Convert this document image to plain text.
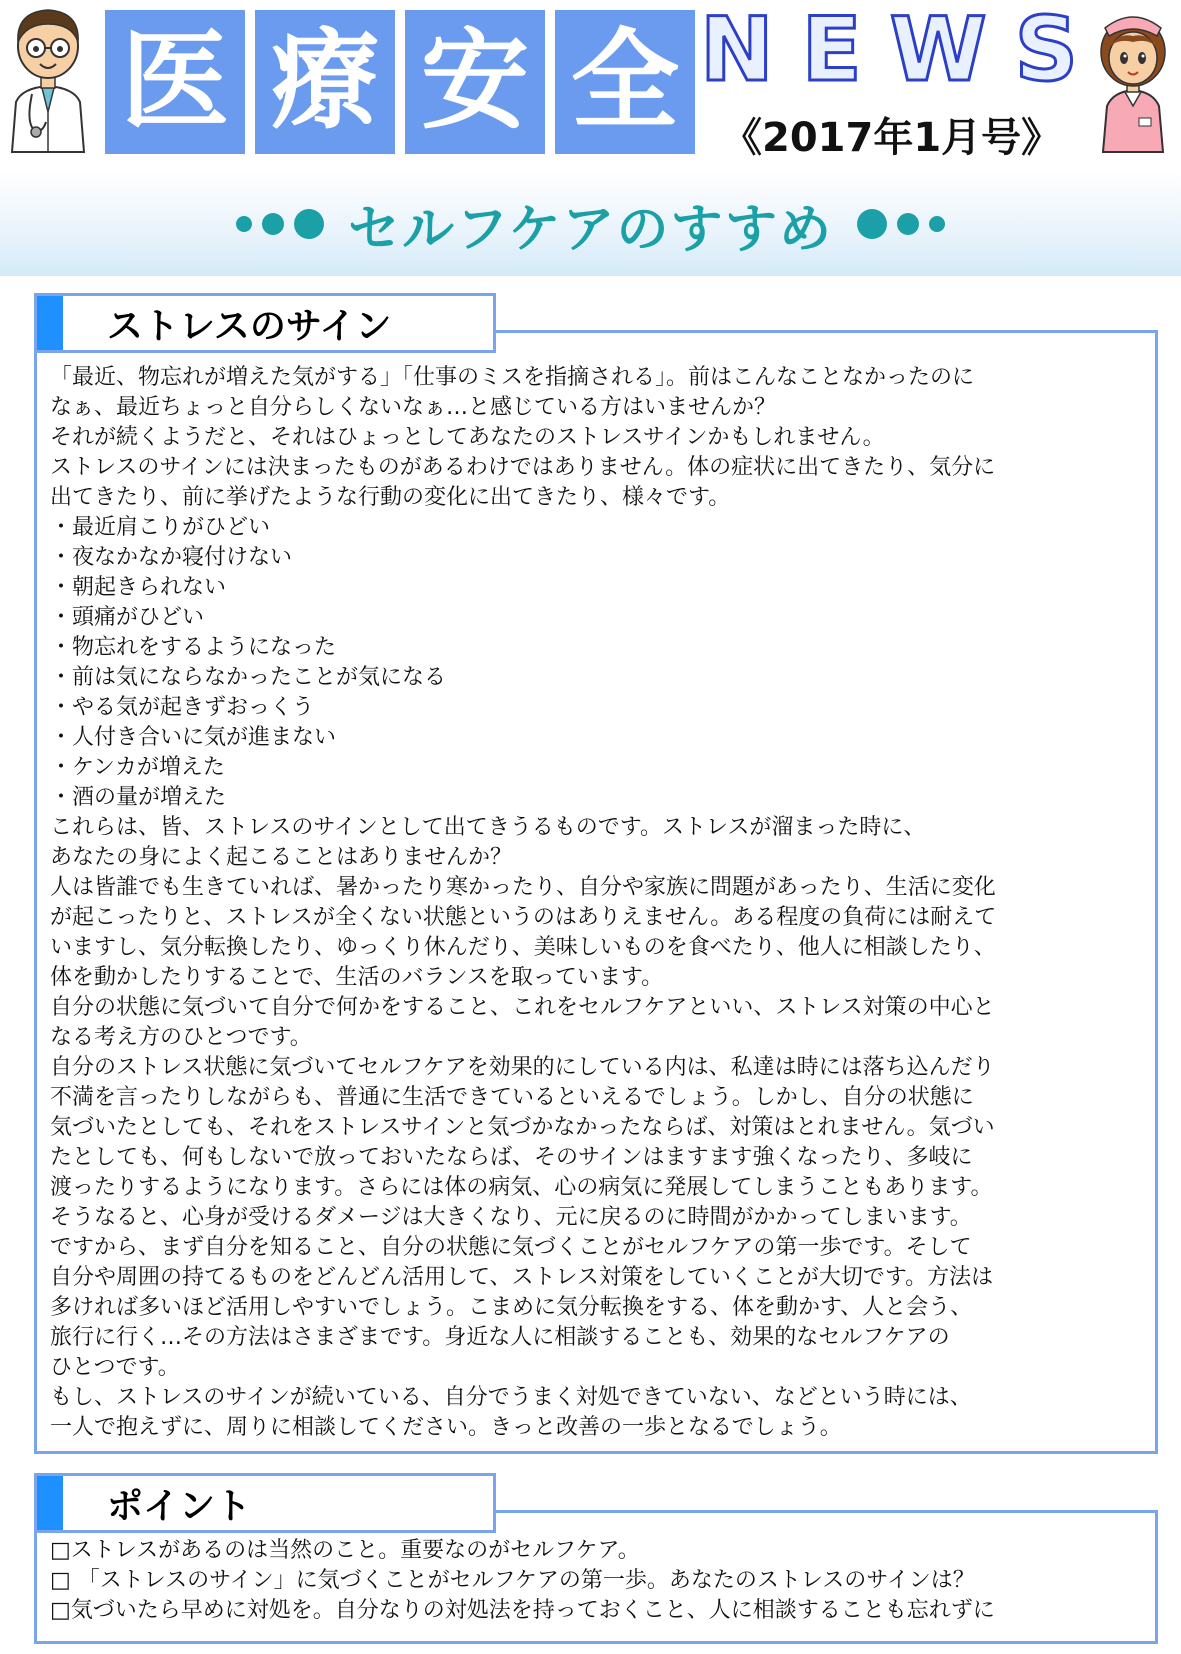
医 療 安 全 N E W S
《2017年1月号》
セルフケアのすすめ
ストレスのサイン

「最近、物忘れが増えた気がする」「仕事のミスを指摘される」。前はこんなことなかったのに

なぁ、最近ちょっと自分らしくないなぁ…と感じている方はいませんか？

それが続くようだと、それはひょっとしてあなたのストレスサインかもしれません。

ストレスのサインには決まったものがあるわけではありません。体の症状に出てきたり、気分に

出てきたり、前に挙げたような行動の変化に出てきたり、様々です。

・最近肩こりがひどい

・夜なかなか寝付けない

・朝起きられない

・頭痛がひどい

・物忘れをするようになった

・前は気にならなかったことが気になる

・やる気が起きずおっくう

・人付き合いに気が進まない

・ケンカが増えた

・酒の量が増えた

これらは、皆、ストレスのサインとして出てきうるものです。ストレスが溜まった時に、

あなたの身によく起こることはありませんか？

人は皆誰でも生きていれば、暑かったり寒かったり、自分や家族に問題があったり、生活に変化

が起こったりと、ストレスが全くない状態というのはありえません。ある程度の負荷には耐えて

いますし、気分転換したり、ゆっくり休んだり、美味しいものを食べたり、他人に相談したり、

体を動かしたりすることで、生活のバランスを取っています。

自分の状態に気づいて自分で何かをすること、これをセルフケアといい、ストレス対策の中心と

なる考え方のひとつです。

自分のストレス状態に気づいてセルフケアを効果的にしている内は、私達は時には落ち込んだり

不満を言ったりしながらも、普通に生活できているといえるでしょう。しかし、自分の状態に

気づいたとしても、それをストレスサインと気づかなかったならば、対策はとれません。気づい

たとしても、何もしないで放っておいたならば、そのサインはますます強くなったり、多岐に

渡ったりするようになります。さらには体の病気、心の病気に発展してしまうこともあります。

そうなると、心身が受けるダメージは大きくなり、元に戻るのに時間がかかってしまいます。

ですから、まず自分を知ること、自分の状態に気づくことがセルフケアの第一歩です。そして

自分や周囲の持てるものをどんどん活用して、ストレス対策をしていくことが大切です。方法は

多ければ多いほど活用しやすいでしょう。こまめに気分転換をする、体を動かす、人と会う、

旅行に行く…その方法はさまざまです。身近な人に相談することも、効果的なセルフケアの

ひとつです。

もし、ストレスのサインが続いている、自分でうまく対処できていない、などという時には、

一人で抱えずに、周りに相談してください。きっと改善の一歩となるでしょう。

ポイント

□ストレスがあるのは当然のこと。重要なのがセルフケア。

□ 「ストレスのサイン」に気づくことがセルフケアの第一歩。あなたのストレスのサインは？

□気づいたら早めに対処を。自分なりの対処法を持っておくこと、人に相談することも忘れずに
